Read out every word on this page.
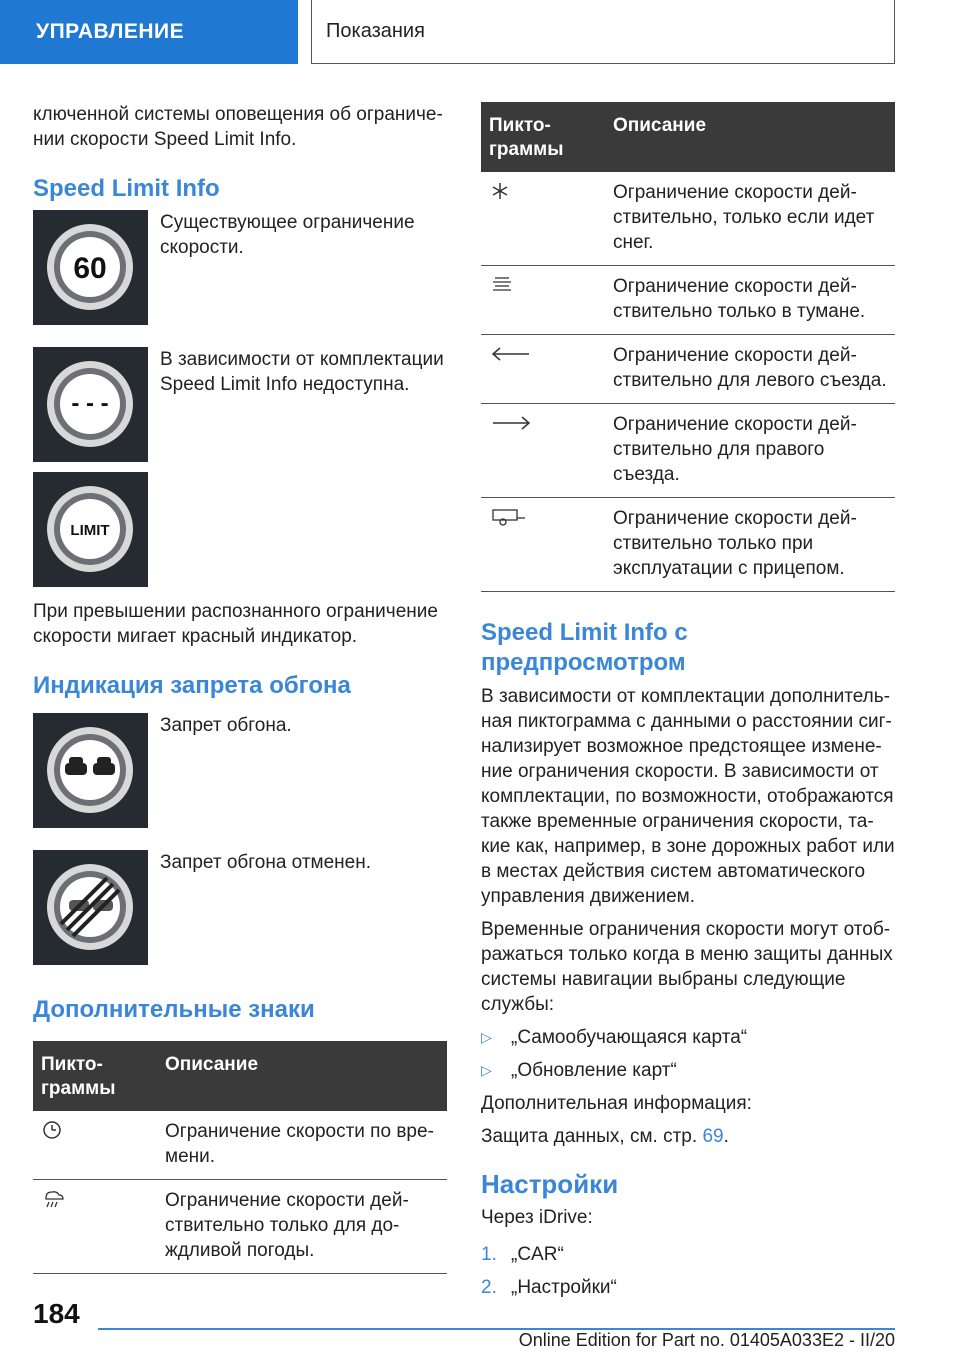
УПРАВЛЕНИЕ	Показания

ключенной системы оповещения об ограничении скорости Speed Limit Info.

Speed Limit Info
60

Существующее ограничение скорости.

- - -

В зависимости от комплектации Speed Limit Info недоступна.

LIMIT

При превышении распознанного ограничение скорости мигает красный индикатор.

Индикация запрета обгона

Запрет обгона.

Запрет обгона отменен.

Дополнительные знаки
Пиктограммы	Описание
	Ограничение скорости по времени.
	Ограничение скорости действительно только для дождливой погоды.
Пиктограммы	Описание
	Ограничение скорости действительно, только если идет снег.
	Ограничение скорости действительно только в тумане.
	Ограничение скорости действительно для левого съезда.
	Ограничение скорости действительно для правого съезда.
	Ограничение скорости действительно только при эксплуатации с прицепом.
Speed Limit Info с предпросмотром

В зависимости от комплектации дополнительная пиктограмма с данными о расстоянии сигнализирует возможное предстоящее изменение ограничения скорости. В зависимости от комплектации, по возможности, отображаются также временные ограничения скорости, такие как, например, в зоне дорожных работ или в местах действия систем автоматического управления движением.

Временные ограничения скорости могут отображаться только когда в меню защиты данных системы навигации выбраны следующие службы:

▷	„Самообучающаяся карта“
▷	„Обновление карт“

Дополнительная информация:

Защита данных, см. стр. 69.

Настройки

Через iDrive:

1. „CAR“

2. „Настройки“

184
Online Edition for Part no. 01405A033E2 - II/20
